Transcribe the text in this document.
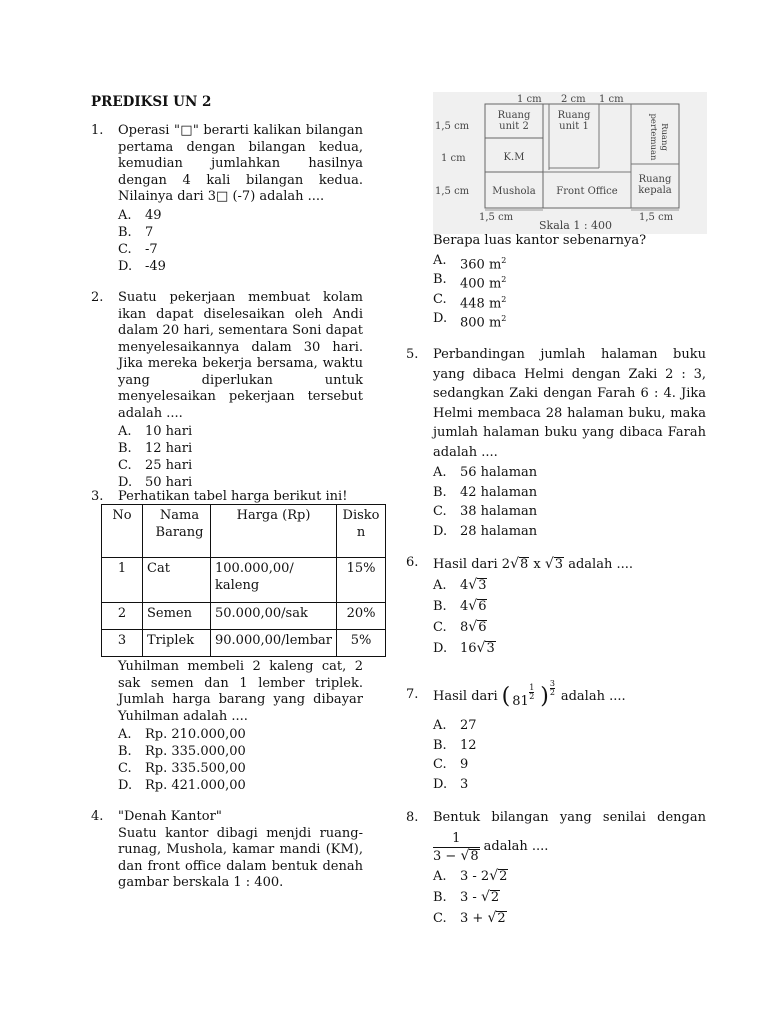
PREDIKSI UN 2
1. Operasi "□" berarti kalikan bilangan pertama dengan bilangan kedua, kemudian jumlahkan hasilnya dengan 4 kali bilangan kedua. Nilainya dari 3□ (-7) adalah ....
A. 49
B. 7
C. -7
D. -49
2. Suatu pekerjaan membuat kolam ikan dapat diselesaikan oleh Andi dalam 20 hari, sementara Soni dapat menyelesaikannya dalam 30 hari. Jika mereka bekerja bersama, waktu yang diperlukan untuk menyelesaikan pekerjaan tersebut adalah ....
A. 10 hari
B. 12 hari
C. 25 hari
D. 50 hari
3. Perhatikan tabel harga berikut ini!
No	Nama Barang	Harga (Rp)	Disko n
1	Cat	100.000,00/ kaleng	15%
2	Semen	50.000,00/sak	20%
3	Triplek	90.000,00/lembar	5%
Yuhilman membeli 2 kaleng cat, 2 sak semen dan 1 lember triplek. Jumlah harga barang yang dibayar Yuhilman adalah ....
A. Rp. 210.000,00
B. Rp. 335.000,00
C. Rp. 335.500,00
D. Rp. 421.000,00
4. "Denah Kantor"
Suatu kantor dibagi menjdi ruang-runag, Mushola, kamar mandi (KM), dan front office dalam bentuk denah gambar berskala 1 : 400.
1 cm 2 cm 1 cm
1,5 cm
1 cm
1,5 cm
Ruang unit 2
Ruang unit 1	Ruang pertemuan
K.M
Mushola	Front Office
Ruang kepala
1,5 cm	1,5 cm
Skala 1 : 400
Berapa luas kantor sebenarnya?
A. 360 $m^2$
B. 400 $m^2$
C. 448 $m^2$
D. 800 $m^2$
5. Perbandingan jumlah halaman buku yang dibaca Helmi dengan Zaki 2 : 3, sedangkan Zaki dengan Farah 6 : 4. Jika Helmi membaca 28 halaman buku, maka jumlah halaman buku yang dibaca Farah adalah ....
A. 56 halaman
B. 42 halaman
C. 38 halaman
D. 28 halaman
6. Hasil dari 2√8 x √3 adalah ....
A. 4√3
B. 4√6
C. 8√6
D. 16√3
7. Hasil dari ( 81
1
2 )
3
2 adalah ....
A. 27
B. 12
C. 9
D. 3
8. Bentuk bilangan yang senilai dengan
$\frac{1}{3 - √8}$ adalah ....
A. 3 - 2√2
B. 3 - √2
C. 3 + √2
